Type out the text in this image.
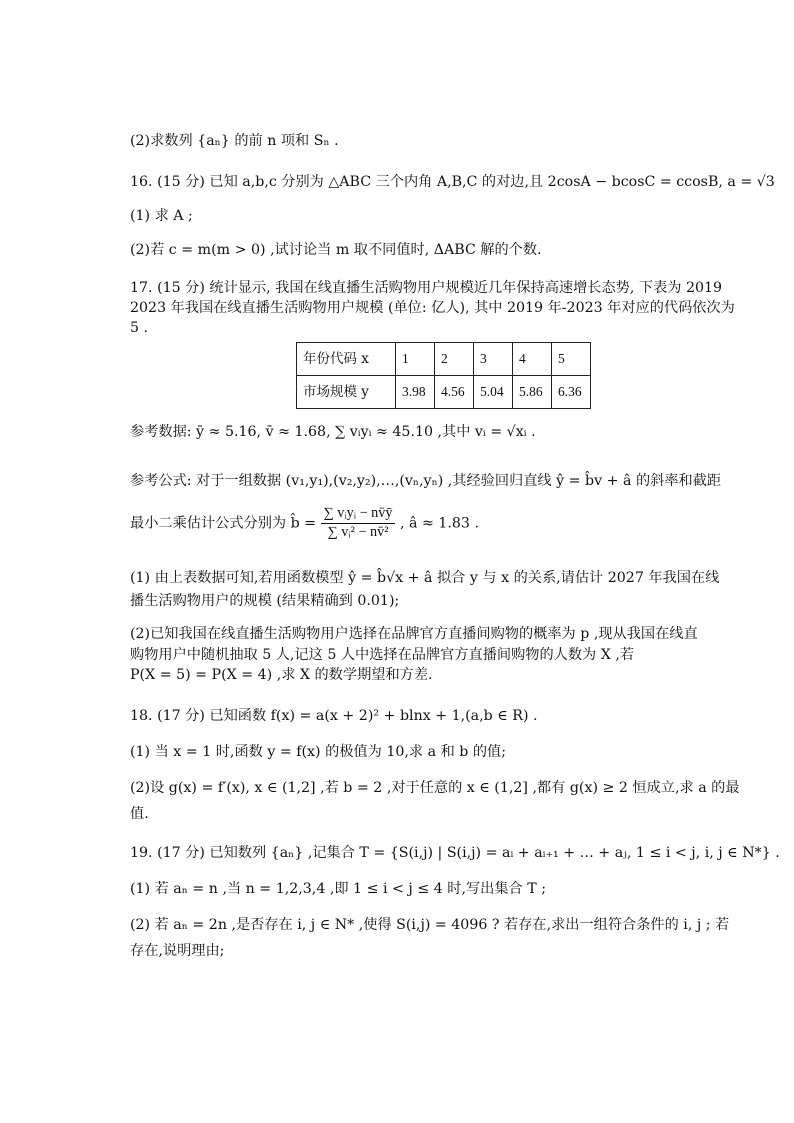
(2)求数列 {aₙ} 的前 n 项和 Sₙ .
16. (15 分) 已知 a,b,c 分别为 △ABC 三个内角 A,B,C 的对边,且 2cosA − bcosC = ccosB, a = √3
(1) 求 A ;
(2)若 c = m(m > 0) ,试讨论当 m 取不同值时, ΔABC 解的个数.
17. (15 分) 统计显示, 我国在线直播生活购物用户规模近几年保持高速增长态势, 下表为 2019
2023 年我国在线直播生活购物用户规模 (单位: 亿人), 其中 2019 年-2023 年对应的代码依次为
5 .
年份代码 x	1	2	3	4	5
市场规模 y	3.98	4.56	5.04	5.86	6.36
参考数据: ȳ ≈ 5.16, v̄ ≈ 1.68, ∑ vᵢyᵢ ≈ 45.10 ,其中 vᵢ = √xᵢ .
参考公式: 对于一组数据 (v₁,y₁),(v₂,y₂),…,(vₙ,yₙ) ,其经验回归直线 ŷ = b̂v + â 的斜率和截距
最小二乘估计公式分别为 b̂ = $\frac{\text{∑ vᵢyᵢ − nv̄ȳ}}{\text{∑ vᵢ² − nv̄²}}$ , â ≈ 1.83 .
(1) 由上表数据可知,若用函数模型 ŷ = b̂√x + â 拟合 y 与 x 的关系,请估计 2027 年我国在线
播生活购物用户的规模 (结果精确到 0.01);
(2)已知我国在线直播生活购物用户选择在品牌官方直播间购物的概率为 p ,现从我国在线直
购物用户中随机抽取 5 人,记这 5 人中选择在品牌官方直播间购物的人数为 X ,若
P(X = 5) = P(X = 4) ,求 X 的数学期望和方差.
18. (17 分) 已知函数 f(x) = a(x + 2)² + blnx + 1,(a,b ∈ R) .
(1) 当 x = 1 时,函数 y = f(x) 的极值为 10,求 a 和 b 的值;
(2)设 g(x) = f′(x), x ∈ (1,2] ,若 b = 2 ,对于任意的 x ∈ (1,2] ,都有 g(x) ≥ 2 恒成立,求 a 的最
值.
19. (17 分) 已知数列 {aₙ} ,记集合 T = {S(i,j) | S(i,j) = aᵢ + aᵢ₊₁ + … + aⱼ, 1 ≤ i < j, i, j ∈ N*} .
(1) 若 aₙ = n ,当 n = 1,2,3,4 ,即 1 ≤ i < j ≤ 4 时,写出集合 T ;
(2) 若 aₙ = 2n ,是否存在 i, j ∈ N* ,使得 S(i,j) = 4096 ? 若存在,求出一组符合条件的 i, j ; 若
存在,说明理由;
